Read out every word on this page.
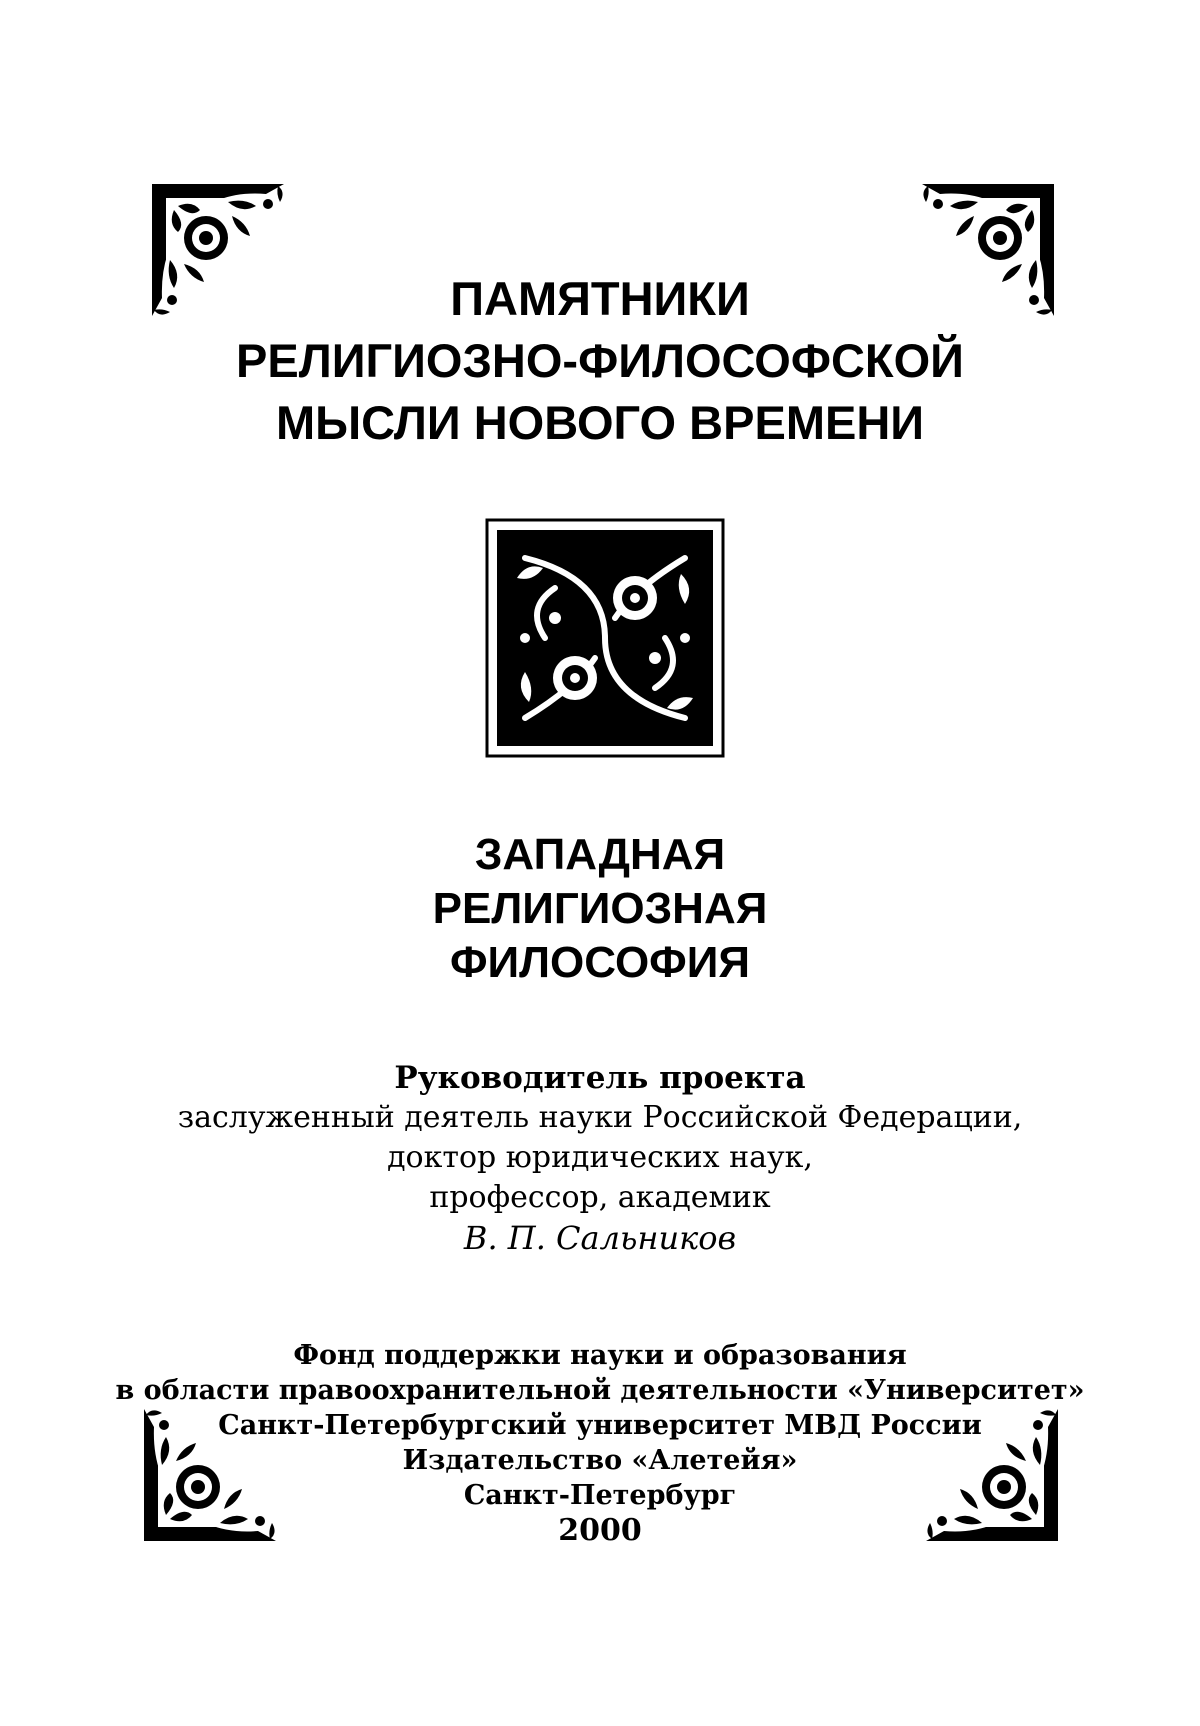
ПАМЯТНИКИ
РЕЛИГИОЗНО-ФИЛОСОФСКОЙ
МЫСЛИ НОВОГО ВРЕМЕНИ
ЗАПАДНАЯ
РЕЛИГИОЗНАЯ
ФИЛОСОФИЯ
Руководитель проекта
заслуженный деятель науки Российской Федерации,
доктор юридических наук,
профессор, академик
В. П. Сальников
Фонд поддержки науки и образования
в области правоохранительной деятельности «Университет»
Санкт-Петербургский университет МВД России
Издательство «Алетейя»
Санкт-Петербург
2000
